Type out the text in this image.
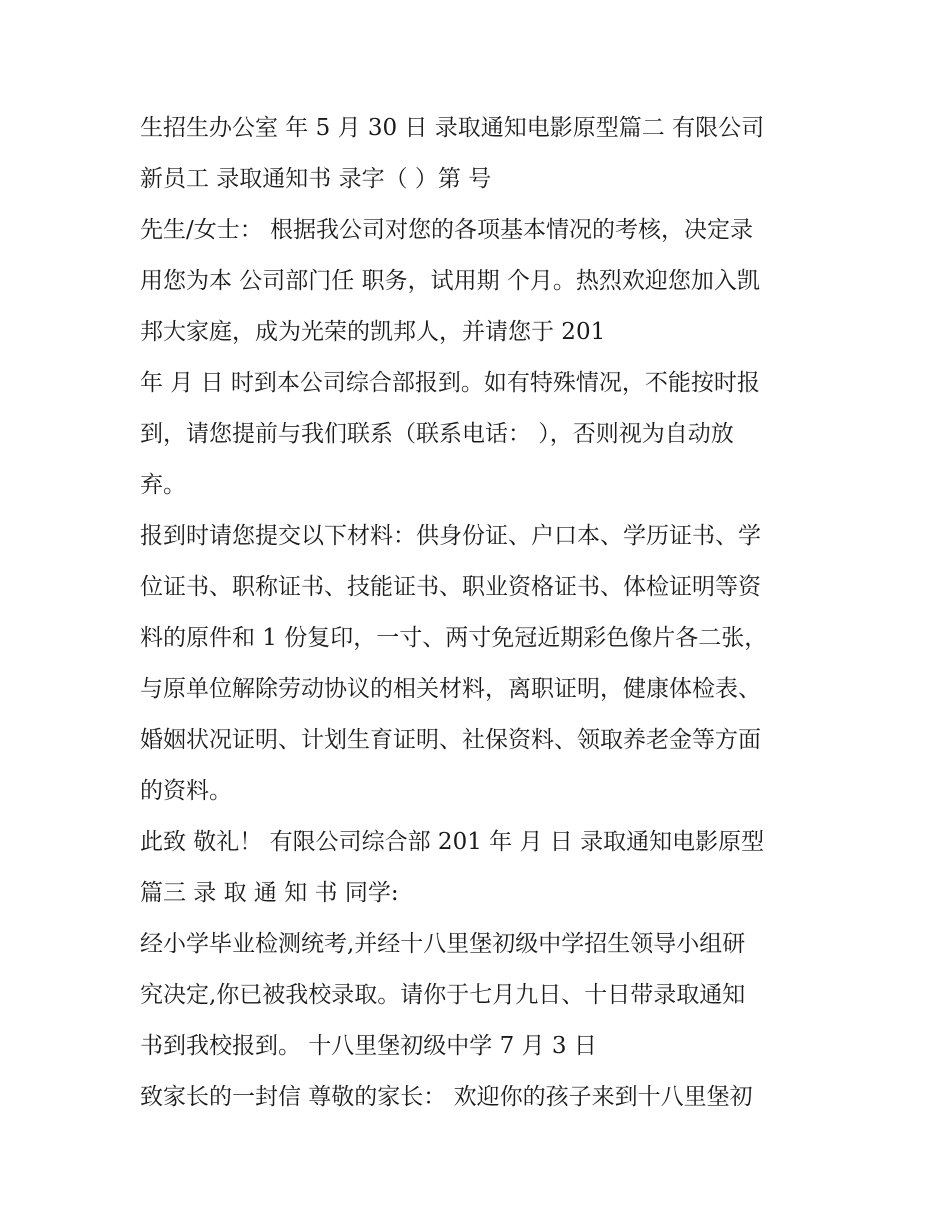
生招生办公室 年 5 月 30 日 录取通知电影原型篇二 有限公司
新员工 录取通知书 录字（ ）第 号
先生/女士： 根据我公司对您的各项基本情况的考核，决定录
用您为本 公司部门任 职务，试用期 个月。热烈欢迎您加入凯
邦大家庭，成为光荣的凯邦人，并请您于 201
年 月 日 时到本公司综合部报到。如有特殊情况，不能按时报
到，请您提前与我们联系（联系电话： ），否则视为自动放
弃。
报到时请您提交以下材料：供身份证、户口本、学历证书、学
位证书、职称证书、技能证书、职业资格证书、体检证明等资
料的原件和 1 份复印，一寸、两寸免冠近期彩色像片各二张，
与原单位解除劳动协议的相关材料，离职证明，健康体检表、
婚姻状况证明、计划生育证明、社保资料、领取养老金等方面
的资料。
此致 敬礼！ 有限公司综合部 201 年 月 日 录取通知电影原型
篇三 录 取 通 知 书 同学:
经小学毕业检测统考,并经十八里堡初级中学招生领导小组研
究决定,你已被我校录取。请你于七月九日、十日带录取通知
书到我校报到。 十八里堡初级中学 7 月 3 日
致家长的一封信 尊敬的家长： 欢迎你的孩子来到十八里堡初
